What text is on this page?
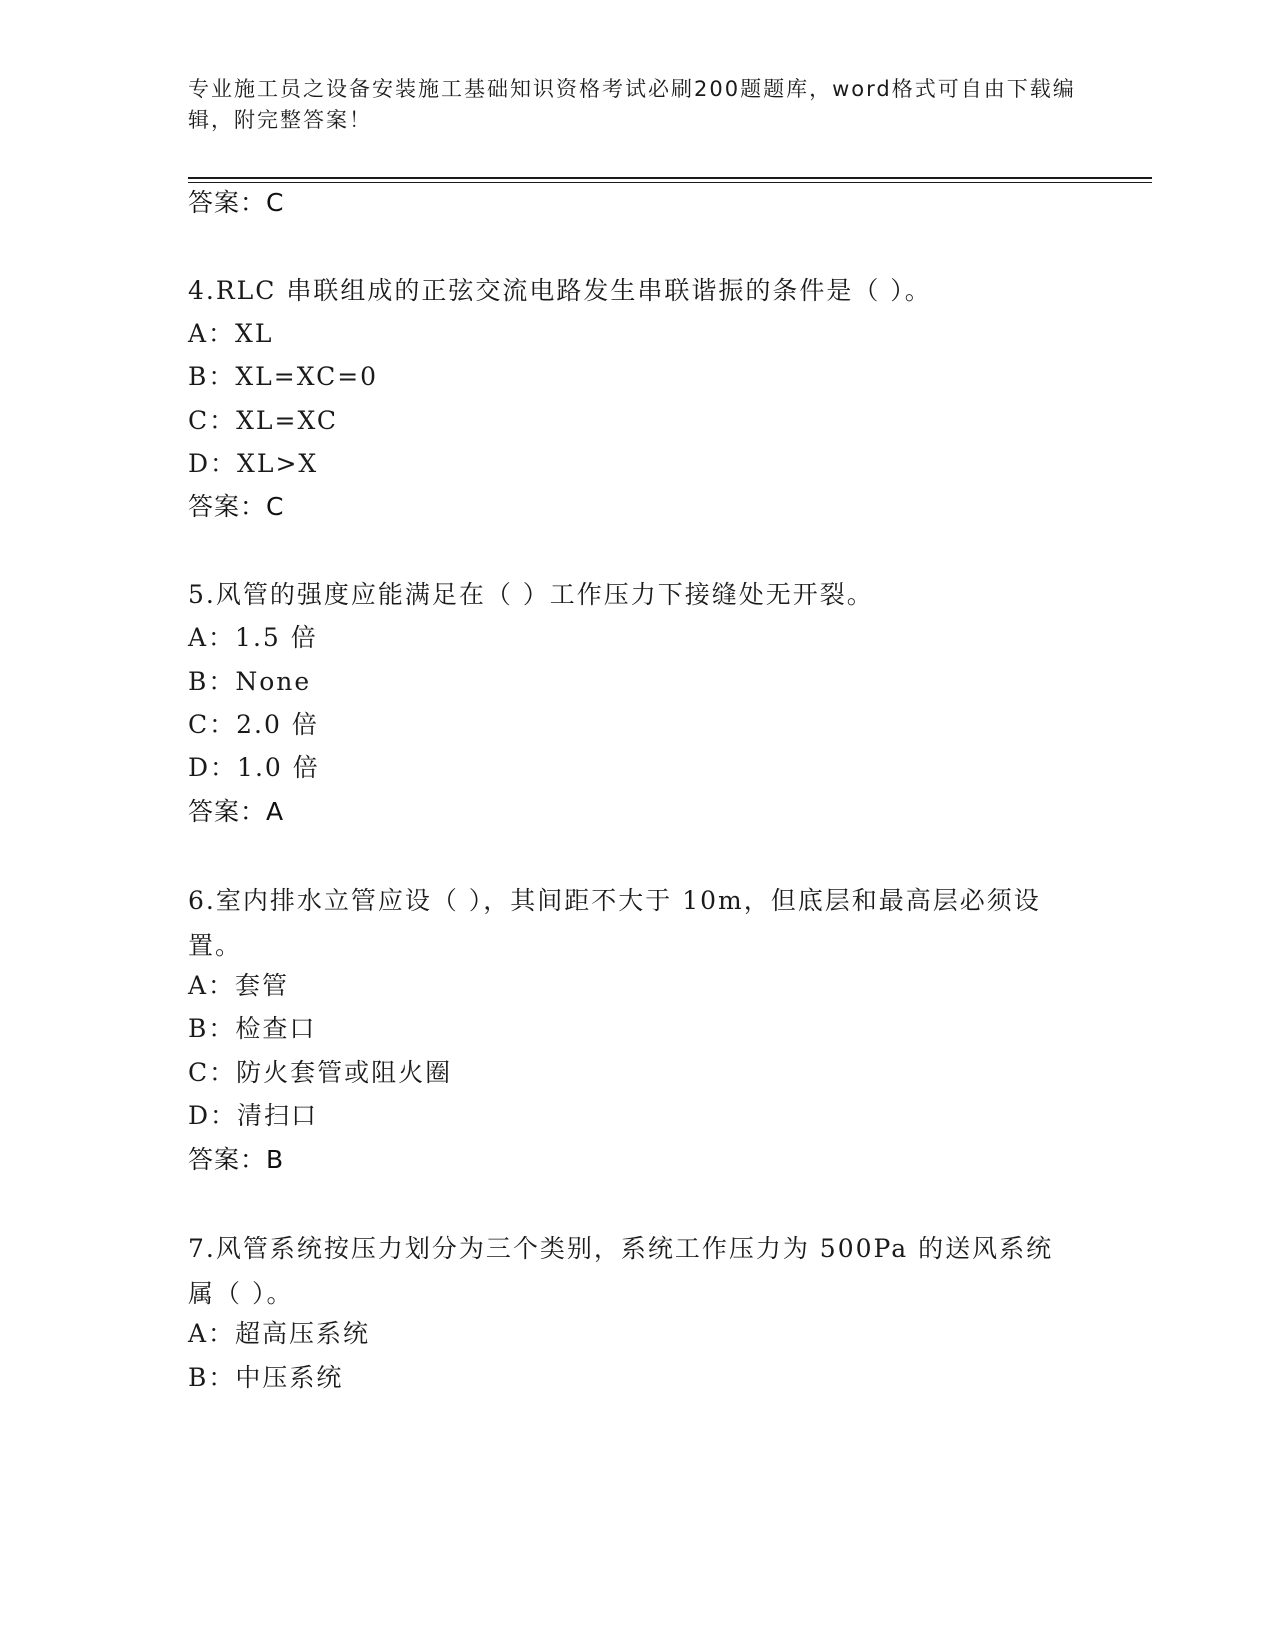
专业施工员之设备安装施工基础知识资格考试必刷200题题库，word格式可自由下载编辑，附完整答案！
答案：C
4.RLC 串联组成的正弦交流电路发生串联谐振的条件是（ ）。
A：XL
B：XL=XC=0
C：XL=XC
D：XL>X
答案：C
5.风管的强度应能满足在（ ）工作压力下接缝处无开裂。
A：1.5 倍
B：None
C：2.0 倍
D：1.0 倍
答案：A
6.室内排水立管应设（ ），其间距不大于 10m，但底层和最高层必须设置。
A：套管
B：检查口
C：防火套管或阻火圈
D：清扫口
答案：B
7.风管系统按压力划分为三个类别，系统工作压力为 500Pa 的送风系统属（ ）。
A：超高压系统
B：中压系统
